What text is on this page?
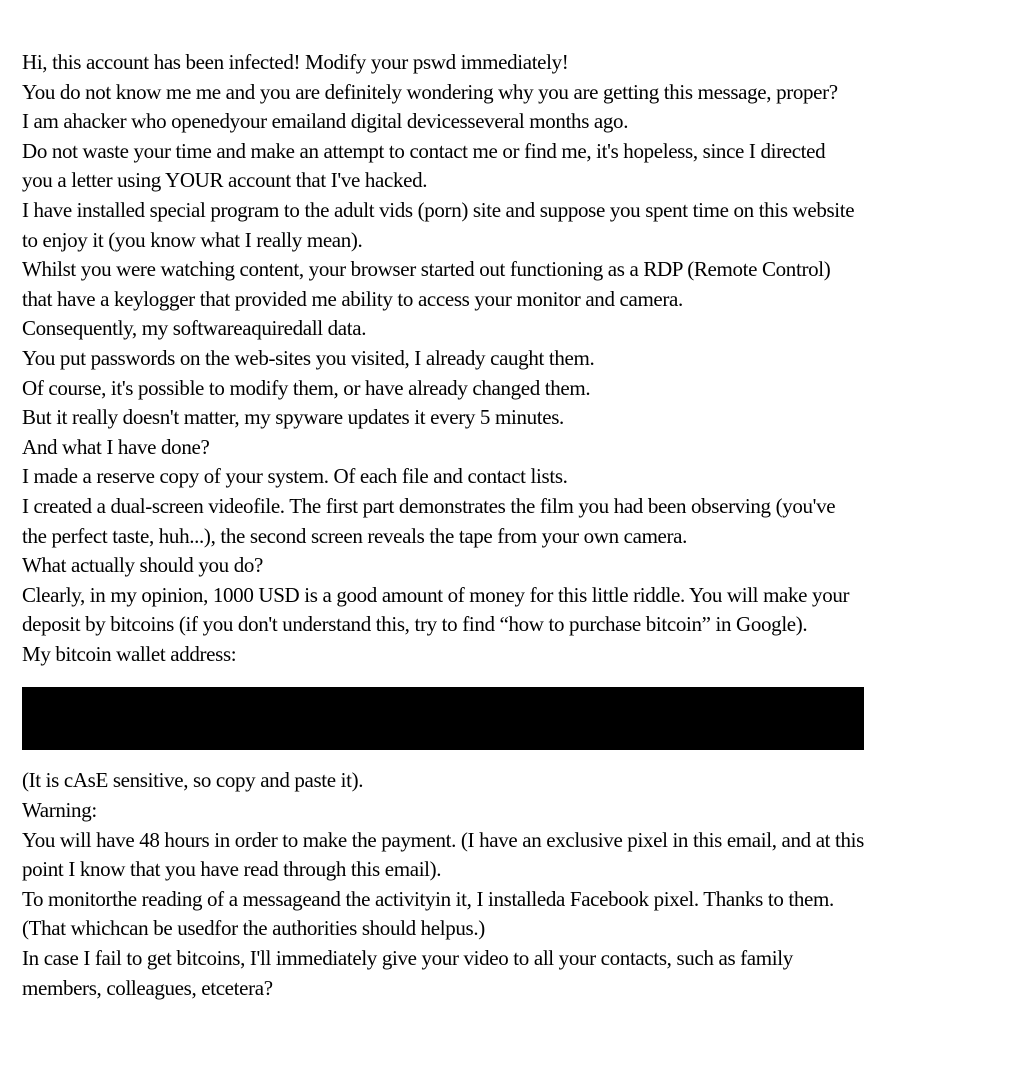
Hi, this account has been infected! Modify your pswd immediately!
You do not know me me and you are definitely wondering why you are getting this message, proper?
I am ahacker who openedyour emailand digital devicesseveral months ago.
Do not waste your time and make an attempt to contact me or find me, it's hopeless, since I directed
you a letter using YOUR account that I've hacked.
I have installed special program to the adult vids (porn) site and suppose you spent time on this website
to enjoy it (you know what I really mean).
Whilst you were watching content, your browser started out functioning as a RDP (Remote Control)
that have a keylogger that provided me ability to access your monitor and camera.
Consequently, my softwareaquiredall data.
You put passwords on the web-sites you visited, I already caught them.
Of course, it's possible to modify them, or have already changed them.
But it really doesn't matter, my spyware updates it every 5 minutes.
And what I have done?
I made a reserve copy of your system. Of each file and contact lists.
I created a dual-screen videofile. The first part demonstrates the film you had been observing (you've
the perfect taste, huh...), the second screen reveals the tape from your own camera.
What actually should you do?
Clearly, in my opinion, 1000 USD is a good amount of money for this little riddle. You will make your
deposit by bitcoins (if you don't understand this, try to find “how to purchase bitcoin” in Google).
My bitcoin wallet address:
(It is cAsE sensitive, so copy and paste it).
Warning:
You will have 48 hours in order to make the payment. (I have an exclusive pixel in this email, and at this
point I know that you have read through this email).
To monitorthe reading of a messageand the activityin it, I installeda Facebook pixel. Thanks to them.
(That whichcan be usedfor the authorities should helpus.)
In case I fail to get bitcoins, I'll immediately give your video to all your contacts, such as family
members, colleagues, etcetera?
